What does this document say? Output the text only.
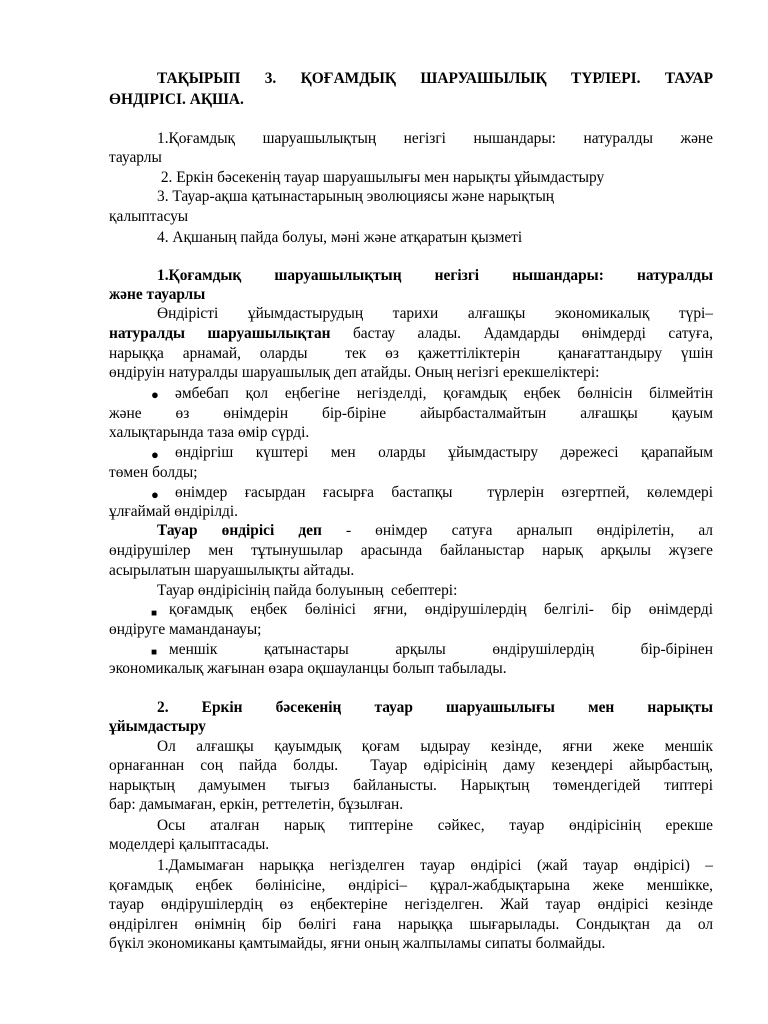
ТАҚЫРЫП 3. ҚОҒАМДЫҚ ШАРУАШЫЛЫҚ ТҮРЛЕРІ. ТАУАР

ӨНДІРІСІ. АҚША.

1.Қоғамдық шаруашылықтың негізгі нышандары: натуралды және

тауарлы

2. Еркін бәсекенің тауар шаруашылығы мен нарықты ұйымдастыру

3. Тауар-ақша қатынастарының эволюциясы және нарықтың

қалыптасуы

4. Ақшаның пайда болуы, мәні және атқаратын қызметі

1.Қоғамдық шаруашылықтың негізгі нышандары: натуралды

және тауарлы

Өндірісті ұйымдастырудың тарихи алғашқы экономикалық түрі–

натуралды шаруашылықтан бастау алады. Адамдарды өнімдерді сатуға,

нарыққа арнамай, оларды  тек өз қажеттіліктерін  қанағаттандыру үшін

өндіруін натуралды шаруашылық деп атайды. Оның негізгі ерекшеліктері:

●	әмбебап қол еңбегіне негізделді, қоғамдық еңбек бөлнісін білмейтін

және өз өнімдерін бір-біріне айырбасталмайтын алғашқы қауым

халықтарында таза өмір сүрді.

●	өндіргіш күштері мен оларды ұйымдастыру дәрежесі қарапайым

төмен болды;

●	өнімдер ғасырдан ғасырға бастапқы  түрлерін өзгертпей, көлемдері

ұлғаймай өндірілді.

Тауар өндірісі деп - өнімдер сатуға арналып өндірілетін, ал

өндірушілер мен тұтынушылар арасында байланыстар нарық арқылы жүзеге

асырылатын шаруашылықты айтады.

Тауар өндірісінің пайда болуының  себептері:

■ қоғамдық еңбек бөлінісі яғни, өндірушілердің белгілі- бір өнімдерді

өндіруге маманданауы;

■ меншік    қатынастары    арқылы    өндірушілердің    бір-бірінен

экономикалық жағынан өзара оқшауланцы болып табылады.

2. Еркін бәсекенің тауар шаруашылығы мен нарықты

ұйымдастыру

Ол алғашқы қауымдық қоғам ыдырау кезінде, яғни жеке меншік

орнағаннан соң пайда болды.  Тауар өдірісінің даму кезеңдері айырбастың,

нарықтың дамуымен тығыз байланысты. Нарықтың төмендегідей типтері

бар: дамымаған, еркін, реттелетін, бұзылған.

Осы аталған нарық типтеріне сәйкес, тауар өндірісінің ерекше

моделдері қалыптасады.

1.Дамымаған нарыққа негізделген тауар өндірісі (жай тауар өндірісі) –

қоғамдық еңбек бөлінісіне, өндірісі– құрал-жабдықтарына жеке меншікке,

тауар өндірушілердің өз еңбектеріне негізделген. Жай тауар өндірісі кезінде

өндірілген өнімнің бір бөлігі ғана нарыққа шығарылады. Сондықтан да ол

бүкіл экономиканы қамтымайды, яғни оның жалпыламы сипаты болмайды.
